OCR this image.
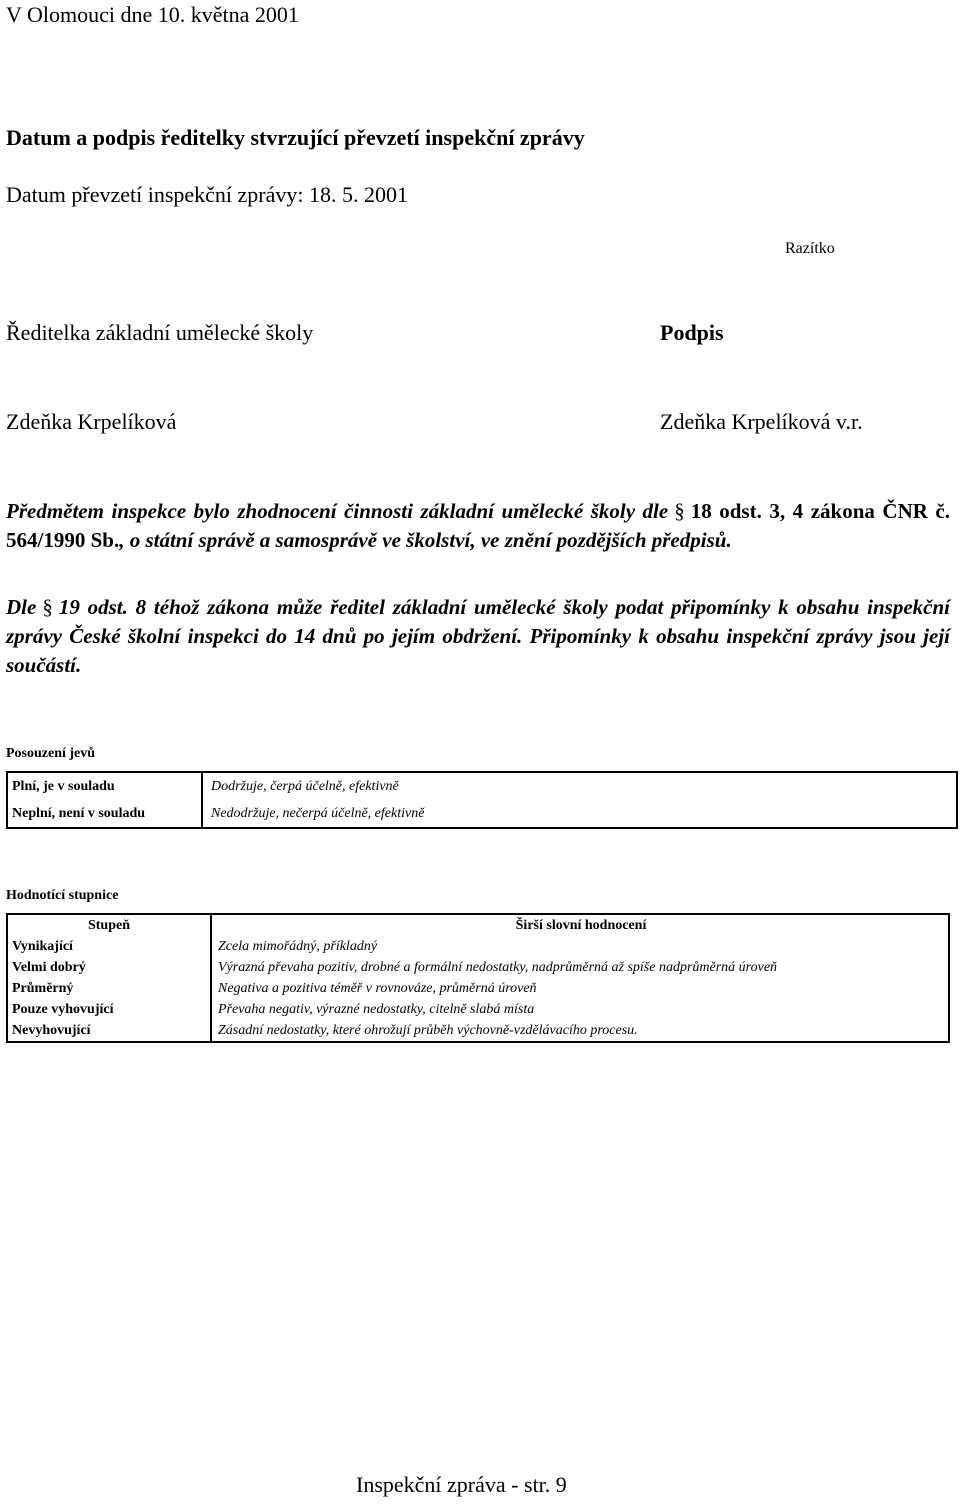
V Olomouci dne 10. května 2001

Datum a podpis ředitelky stvrzující převzetí inspekční zprávy

Datum převzetí inspekční zprávy: 18. 5. 2001

Razítko

Ředitelka základní umělecké školy	Podpis

Zdeňka Krpelíková	Zdeňka Krpelíková v.r.

Předmětem inspekce bylo zhodnocení činnosti základní umělecké školy dle § 18 odst. 3, 4 zákona ČNR č. 564/1990 Sb., o státní správě a samosprávě ve školství, ve znění pozdějších předpisů.

Dle § 19 odst. 8 téhož zákona může ředitel základní umělecké školy podat připomínky k obsahu inspekční zprávy České školní inspekci do 14 dnů po jejím obdržení. Připomínky k obsahu inspekční zprávy jsou její součástí.

Posouzení jevů

Plní, je v souladu	Dodržuje, čerpá účelně, efektivně
Neplní, není v souladu	Nedodržuje, nečerpá účelně, efektivně

Hodnotící stupnice

Stupeň	Širší slovní hodnocení
Vynikající	Zcela mimořádný, příkladný
Velmi dobrý	Výrazná převaha pozitiv, drobné a formální nedostatky, nadprůměrná až spíše nadprůměrná úroveň
Průměrný	Negativa a pozitiva téměř v rovnováze, průměrná úroveň
Pouze vyhovující	Převaha negativ, výrazné nedostatky, citelně slabá místa
Nevyhovující	Zásadní nedostatky, které ohrožují průběh výchovně-vzdělávacího procesu.

Inspekční zpráva - str. 9
